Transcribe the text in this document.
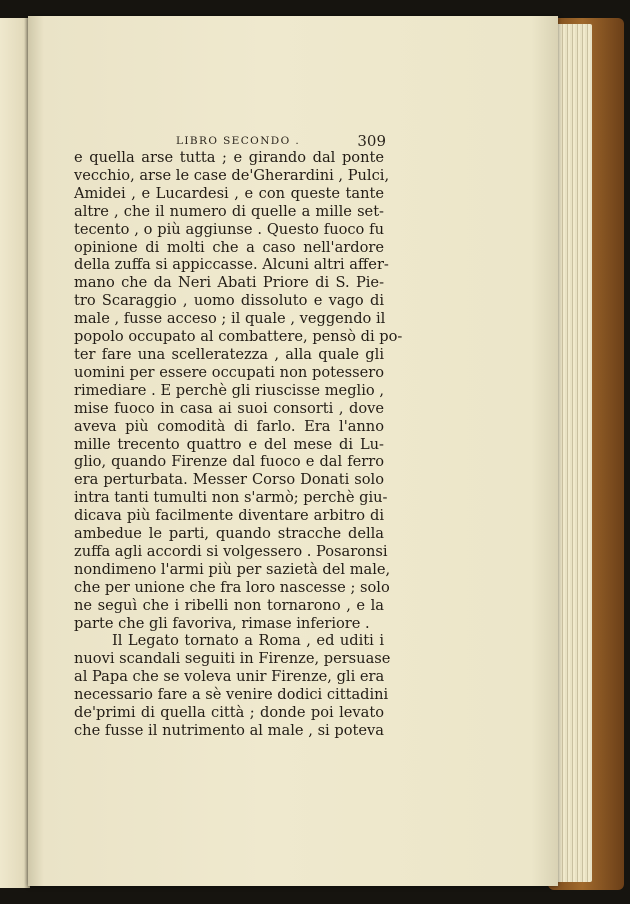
LIBRO SECONDO .	309
e quella arse tutta ; e girando dal ponte
vecchio, arse le case de'Gherardini , Pulci,
Amidei , e Lucardesi , e con queste tante
altre , che il numero di quelle a mille set-
tecento , o più aggiunse . Questo fuoco fu
opinione di molti che a caso nell'ardore
della zuffa si appiccasse. Alcuni altri affer-
mano che da Neri Abati Priore di S. Pie-
tro Scaraggio , uomo dissoluto e vago di
male , fusse acceso ; il quale , veggendo il
popolo occupato al combattere, pensò di po-
ter fare una scelleratezza , alla quale gli
uomini per essere occupati non potessero
rimediare . E perchè gli riuscisse meglio ,
mise fuoco in casa ai suoi consorti , dove
aveva più comodità di farlo. Era l'anno
mille trecento quattro e del mese di Lu-
glio, quando Firenze dal fuoco e dal ferro
era perturbata. Messer Corso Donati solo
intra tanti tumulti non s'armò; perchè giu-
dicava più facilmente diventare arbitro di
ambedue le parti, quando stracche della
zuffa agli accordi si volgessero . Posaronsi
nondimeno l'armi più per sazietà del male,
che per unione che fra loro nascesse ; solo
ne seguì che i ribelli non tornarono , e la
parte che gli favoriva, rimase inferiore .
Il Legato tornato a Roma , ed uditi i
nuovi scandali seguiti in Firenze, persuase
al Papa che se voleva unir Firenze, gli era
necessario fare a sè venire dodici cittadini
de'primi di quella città ; donde poi levato
che fusse il nutrimento al male , si poteva
